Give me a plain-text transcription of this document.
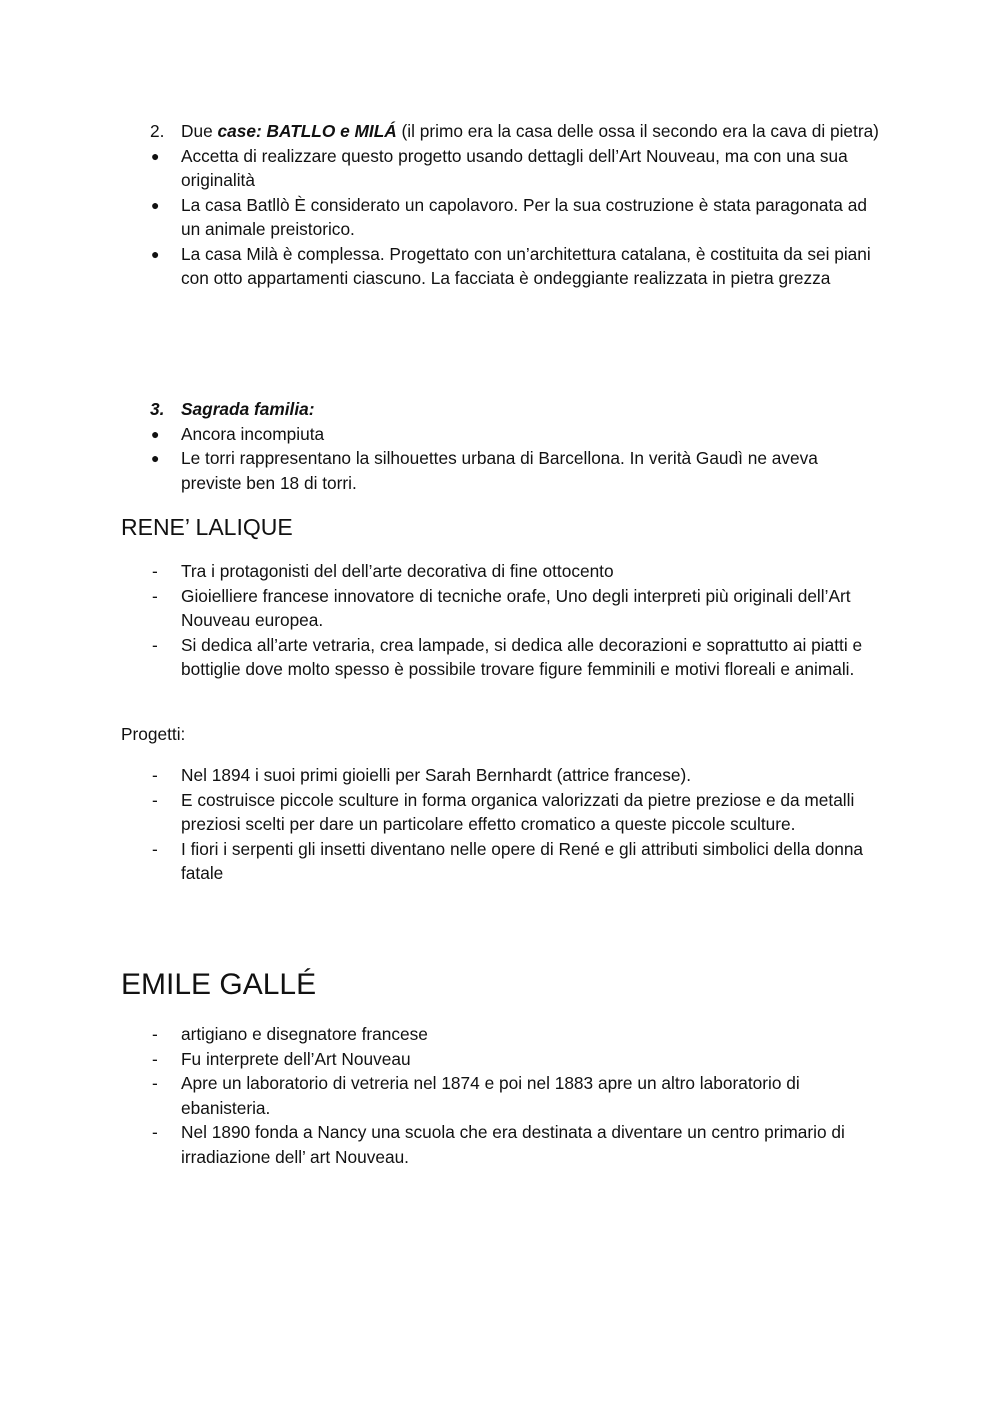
2. Due case: BATLLO e MILÁ (il primo era la casa delle ossa il secondo era la cava di pietra)
●	Accetta di realizzare questo progetto usando dettagli dell’Art Nouveau, ma con una sua originalità
●	La casa Batllò È considerato un capolavoro. Per la sua costruzione è stata paragonata ad un animale preistorico.
●	La casa Milà è complessa. Progettato con un’architettura catalana, è costituita da sei piani con otto appartamenti ciascuno. La facciata è ondeggiante realizzata in pietra grezza
3. Sagrada familia:
●	Ancora incompiuta
●	Le torri rappresentano la silhouettes urbana di Barcellona. In verità Gaudì ne aveva previste ben 18 di torri.
RENE’ LALIQUE
-	Tra i protagonisti del dell’arte decorativa di fine ottocento
-	Gioielliere francese innovatore di tecniche orafe, Uno degli interpreti più originali dell’Art Nouveau europea.
-	Si dedica all’arte vetraria, crea lampade, si dedica alle decorazioni e soprattutto ai piatti e bottiglie dove molto spesso è possibile trovare figure femminili e motivi floreali e animali.
Progetti:
-	Nel 1894 i suoi primi gioielli per Sarah Bernhardt (attrice francese).
-	E costruisce piccole sculture in forma organica valorizzati da pietre preziose e da metalli preziosi scelti per dare un particolare effetto cromatico a queste piccole sculture.
-	I fiori i serpenti gli insetti diventano nelle opere di René e gli attributi simbolici della donna fatale
EMILE GALLÉ
-	artigiano e disegnatore francese
-	Fu interprete dell’Art Nouveau
-	Apre un laboratorio di vetreria nel 1874 e poi nel 1883 apre un altro laboratorio di ebanisteria.
-	Nel 1890 fonda a Nancy una scuola che era destinata a diventare un centro primario di irradiazione dell’ art Nouveau.
